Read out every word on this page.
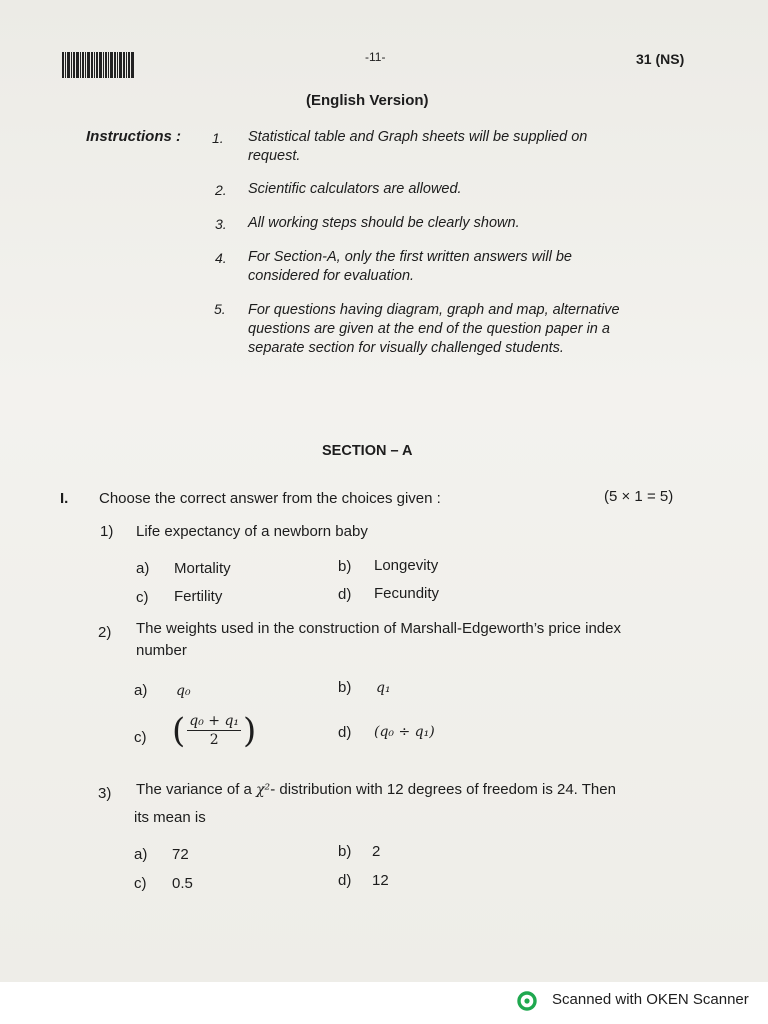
-11-	31 (NS)
(English Version)
Instructions : 1. Statistical table and Graph sheets will be supplied on
request.
2. Scientific calculators are allowed.
3. All working steps should be clearly shown.
4. For Section-A, only the first written answers will be
considered for evaluation.
5. For questions having diagram, graph and map, alternative
questions are given at the end of the question paper in a
separate section for visually challenged students.
SECTION – A
I. Choose the correct answer from the choices given :	(5 × 1 = 5)
1) Life expectancy of a newborn baby
a) Mortality	b) Longevity
c) Fertility	d) Fecundity
2) The weights used in the construction of Marshall-Edgeworth’s price index
number
a) q₀	b) q₁
c) ( $\frac{\text{q₀ + q₁}}{2}$ )	d) (q₀ ÷ q₁)
3) The variance of a χ²- distribution with 12 degrees of freedom is 24. Then
its mean is
a) 72	b) 2
c) 0.5	d) 12
Scanned with OKEN Scanner
